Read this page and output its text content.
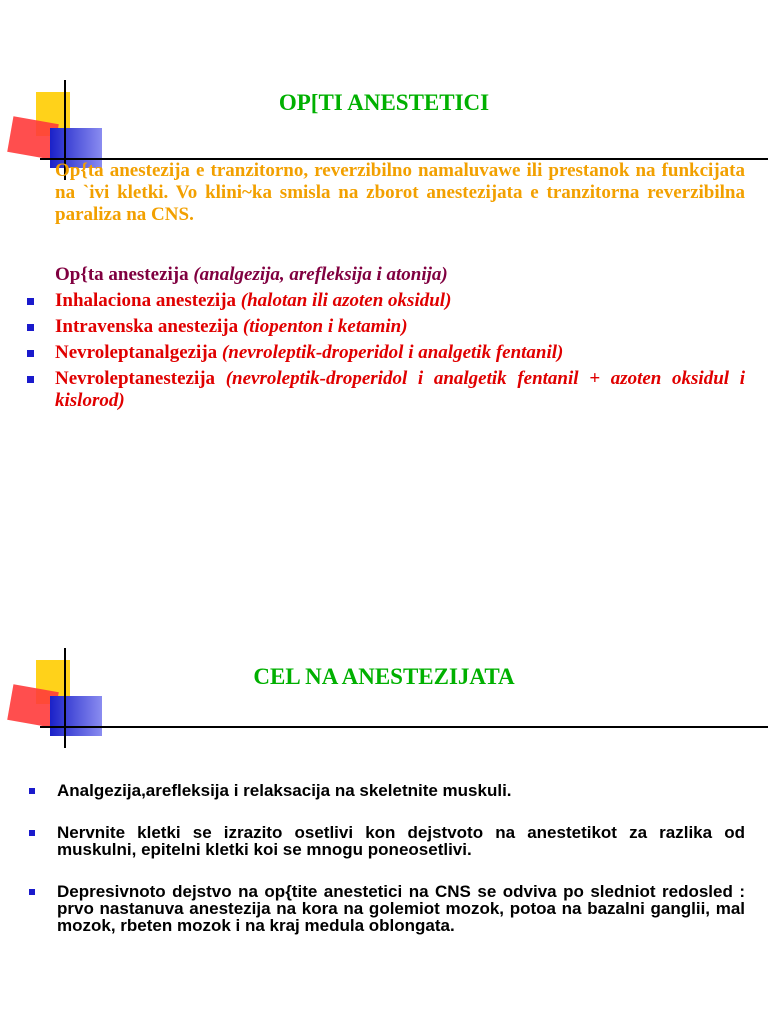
OP[TI ANESTETICI
Op{ta anestezija e tranzitorno, reverzibilno namaluvawe ili prestanok na funkcijata na `ivi kletki. Vo klini~ka smisla na zborot anestezijata e tranzitorna reverzibilna paraliza na CNS.
Op{ta anestezija (analgezija, arefleksija i atonija)
Inhalaciona anestezija (halotan ili azoten oksidul)
Intravenska anestezija (tiopenton i ketamin)
Nevroleptanalgezija (nevroleptik-droperidol i analgetik fentanil)
Nevroleptanestezija (nevroleptik-droperidol i analgetik fentanil + azoten oksidul i kislorod)
CEL NA ANESTEZIJATA
Analgezija,arefleksija i relaksacija na skeletnite muskuli.
Nervnite kletki se izrazito osetlivi kon dejstvoto na anestetikot za razlika od muskulni, epitelni kletki koi se mnogu poneosetlivi.
Depresivnoto dejstvo na op{tite anestetici na CNS se odviva po sledniot redosled : prvo nastanuva anestezija na kora na golemiot mozok, potoa na bazalni ganglii, mal mozok, rbeten mozok i na kraj medula oblongata.
